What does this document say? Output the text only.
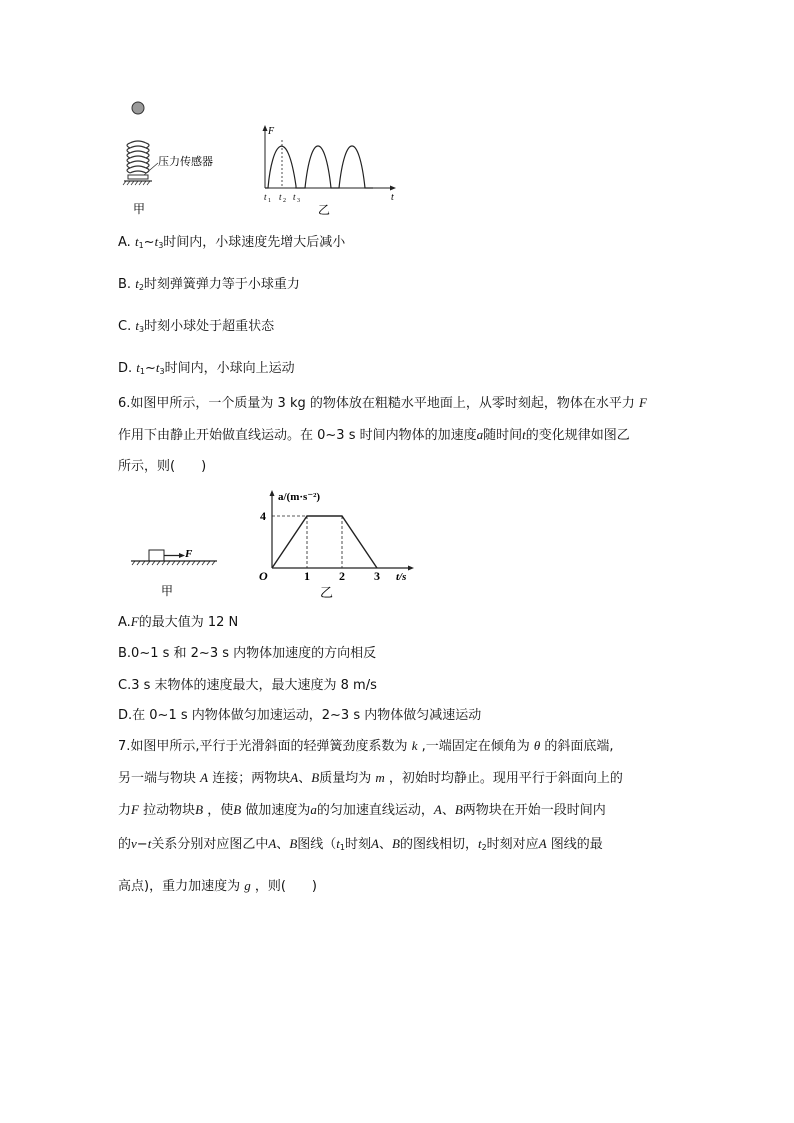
压力传感器
甲
F
t
t 1 t 2 t 3
乙
A. $t_1\sim t_3$时间内，小球速度先增大后减小
B. $t_2$时刻弹簧弹力等于小球重力
C. $t_3$时刻小球处于超重状态
D. $t_1\sim t_3$时间内，小球向上运动
6.如图甲所示，一个质量为 3 kg 的物体放在粗糙水平地面上，从零时刻起，物体在水平力 F
作用下由静止开始做直线运动。在 0~3 s 时间内物体的加速度a随时间t的变化规律如图乙
所示，则(　　)
F
甲
1 2 3
4
a/(m·s⁻²)
t/s
O
乙
A.F的最大值为 12 N
B.0~1 s 和 2~3 s 内物体加速度的方向相反
C.3 s 末物体的速度最大，最大速度为 8 m/s
D.在 0~1 s 内物体做匀加速运动，2~3 s 内物体做匀减速运动
7.如图甲所示,平行于光滑斜面的轻弹簧劲度系数为 k ,一端固定在倾角为 θ 的斜面底端,
另一端与物块 A 连接；两物块A、B质量均为 m ，初始时均静止。现用平行于斜面向上的
力F 拉动物块B ，使B 做加速度为a的匀加速直线运动，A、B两物块在开始一段时间内
的v−t关系分别对应图乙中A、B图线（$t_1$时刻A、B的图线相切，$t_2$时刻对应A 图线的最
高点)，重力加速度为 g ，则(　　)
